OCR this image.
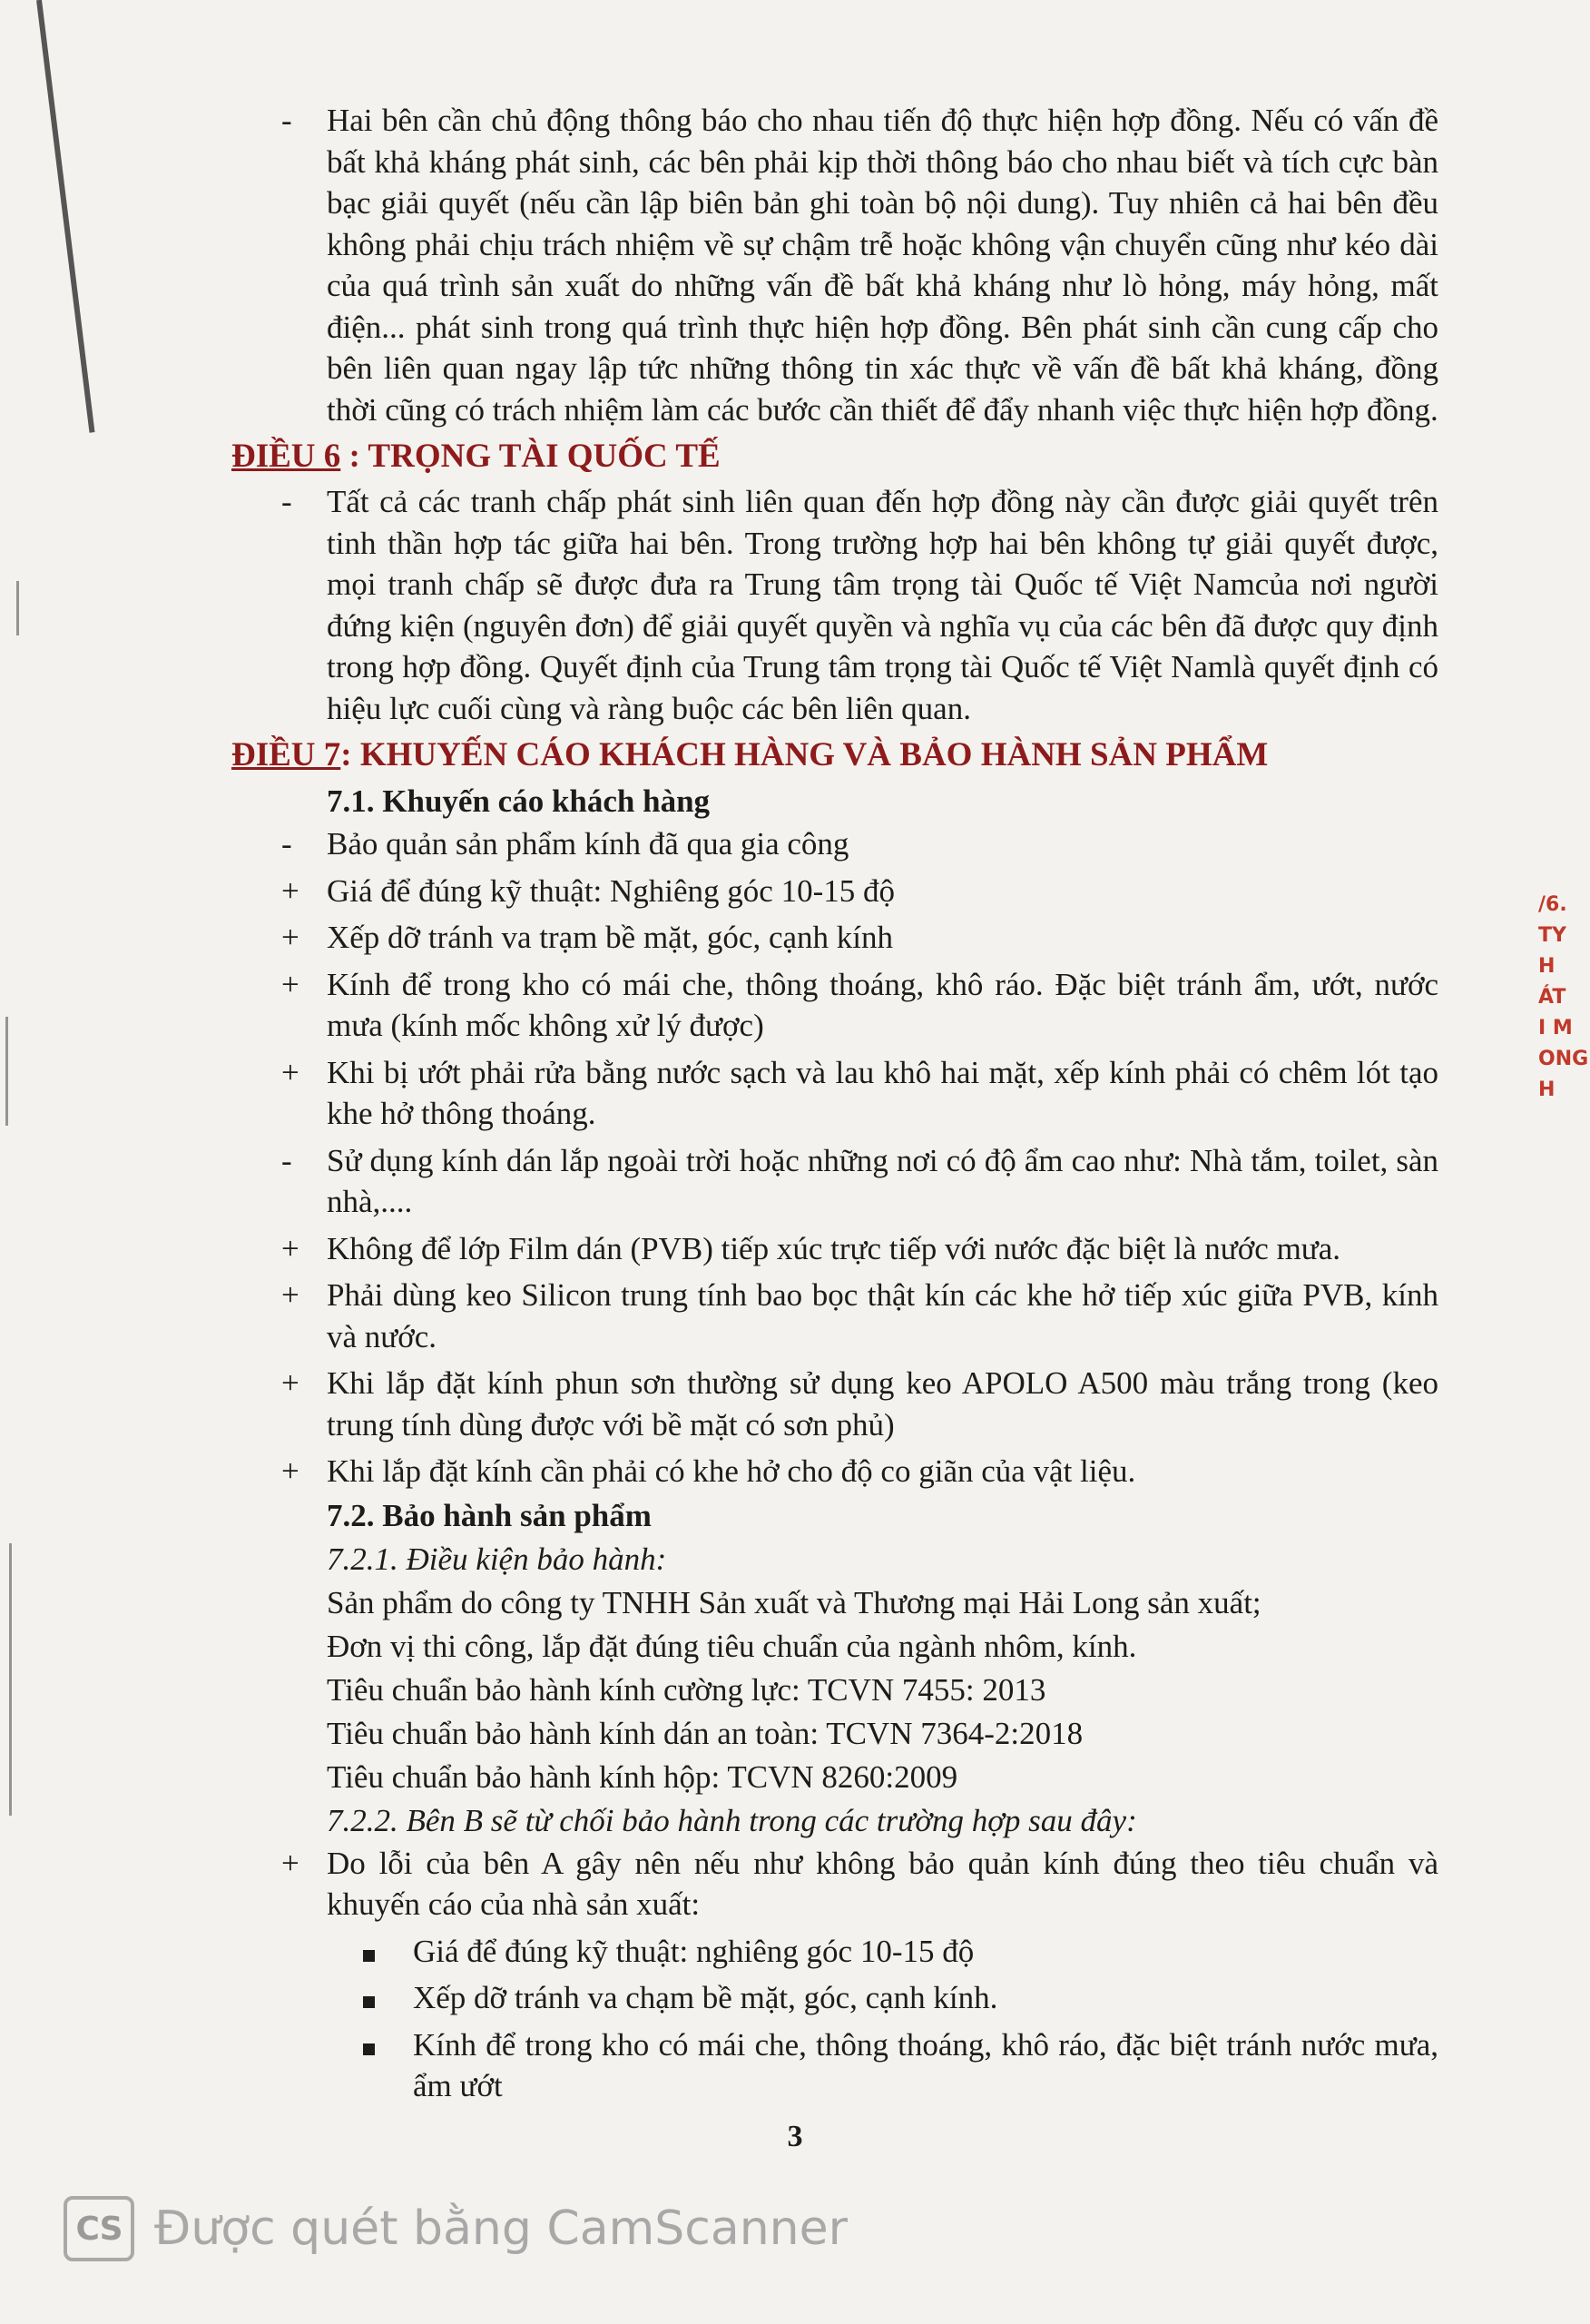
-	Hai bên cần chủ động thông báo cho nhau tiến độ thực hiện hợp đồng. Nếu có vấn đề bất khả kháng phát sinh, các bên phải kịp thời thông báo cho nhau biết và tích cực bàn bạc giải quyết (nếu cần lập biên bản ghi toàn bộ nội dung). Tuy nhiên cả hai bên đều không phải chịu trách nhiệm về sự chậm trễ hoặc không vận chuyển cũng như kéo dài của quá trình sản xuất do những vấn đề bất khả kháng như lò hỏng, máy hỏng, mất điện... phát sinh trong quá trình thực hiện hợp đồng. Bên phát sinh cần cung cấp cho bên liên quan ngay lập tức những thông tin xác thực về vấn đề bất khả kháng, đồng thời cũng có trách nhiệm làm các bước cần thiết để đẩy nhanh việc thực hiện hợp đồng.
ĐIỀU 6 : TRỌNG TÀI QUỐC TẾ
-	Tất cả các tranh chấp phát sinh liên quan đến hợp đồng này cần được giải quyết trên tinh thần hợp tác giữa hai bên. Trong trường hợp hai bên không tự giải quyết được, mọi tranh chấp sẽ được đưa ra Trung tâm trọng tài Quốc tế Việt Namcủa nơi người đứng kiện (nguyên đơn) để giải quyết quyền và nghĩa vụ của các bên đã được quy định trong hợp đồng. Quyết định của Trung tâm trọng tài Quốc tế Việt Namlà quyết định có hiệu lực cuối cùng và ràng buộc các bên liên quan.
ĐIỀU 7: KHUYẾN CÁO KHÁCH HÀNG VÀ BẢO HÀNH SẢN PHẨM
7.1. Khuyến cáo khách hàng
-	Bảo quản sản phẩm kính đã qua gia công
+ Giá để đúng kỹ thuật: Nghiêng góc 10-15 độ
+ Xếp dỡ tránh va trạm bề mặt, góc, cạnh kính
+ Kính để trong kho có mái che, thông thoáng, khô ráo. Đặc biệt tránh ẩm, ướt, nước mưa (kính mốc không xử lý được)
+ Khi bị ướt phải rửa bằng nước sạch và lau khô hai mặt, xếp kính phải có chêm lót tạo khe hở thông thoáng.
-	Sử dụng kính dán lắp ngoài trời hoặc những nơi có độ ẩm cao như: Nhà tắm, toilet, sàn nhà,....
+ Không để lớp Film dán (PVB) tiếp xúc trực tiếp với nước đặc biệt là nước mưa.
+ Phải dùng keo Silicon trung tính bao bọc thật kín các khe hở tiếp xúc giữa PVB, kính và nước.
+ Khi lắp đặt kính phun sơn thường sử dụng keo APOLO A500 màu trắng trong (keo trung tính dùng được với bề mặt có sơn phủ)
+ Khi lắp đặt kính cần phải có khe hở cho độ co giãn của vật liệu.
7.2. Bảo hành sản phẩm
7.2.1. Điều kiện bảo hành:
Sản phẩm do công ty TNHH Sản xuất và Thương mại Hải Long sản xuất;
Đơn vị thi công, lắp đặt đúng tiêu chuẩn của ngành nhôm, kính.
Tiêu chuẩn bảo hành kính cường lực: TCVN 7455: 2013
Tiêu chuẩn bảo hành kính dán an toàn: TCVN 7364-2:2018
Tiêu chuẩn bảo hành kính hộp: TCVN 8260:2009
7.2.2. Bên B sẽ từ chối bảo hành trong các trường hợp sau đây:
+ Do lỗi của bên A gây nên nếu như không bảo quản kính đúng theo tiêu chuẩn và khuyến cáo của nhà sản xuất:
Giá để đúng kỹ thuật: nghiêng góc 10-15 độ
Xếp dỡ tránh va chạm bề mặt, góc, cạnh kính.
Kính để trong kho có mái che, thông thoáng, khô ráo, đặc biệt tránh nước mưa, ẩm ướt
3
/6.
TY
H
ÁT
I M
ONG
H
CS Được quét bằng CamScanner
